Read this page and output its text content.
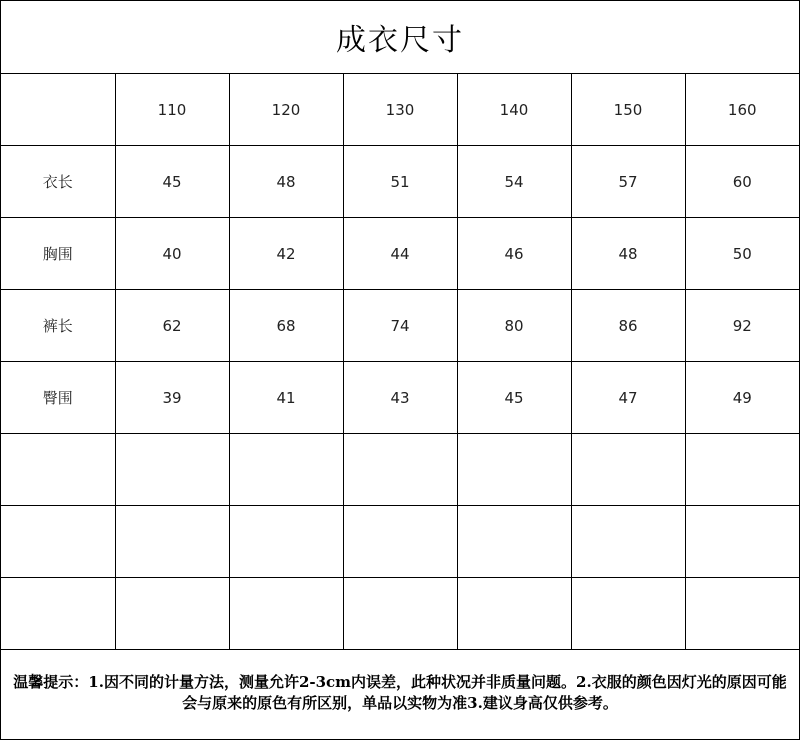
成衣尺寸
	110	120	130	140	150	160
衣长	45	48	51	54	57	60
胸围	40	42	44	46	48	50
裤长	62	68	74	80	86	92
臀围	39	41	43	45	47	49

温馨提示：1.因不同的计量方法，测量允许2-3cm内误差，此种状况并非质量问题。2.衣服的颜色因灯光的原因可能会与原来的原色有所区别，单品以实物为准3.建议身高仅供参考。
